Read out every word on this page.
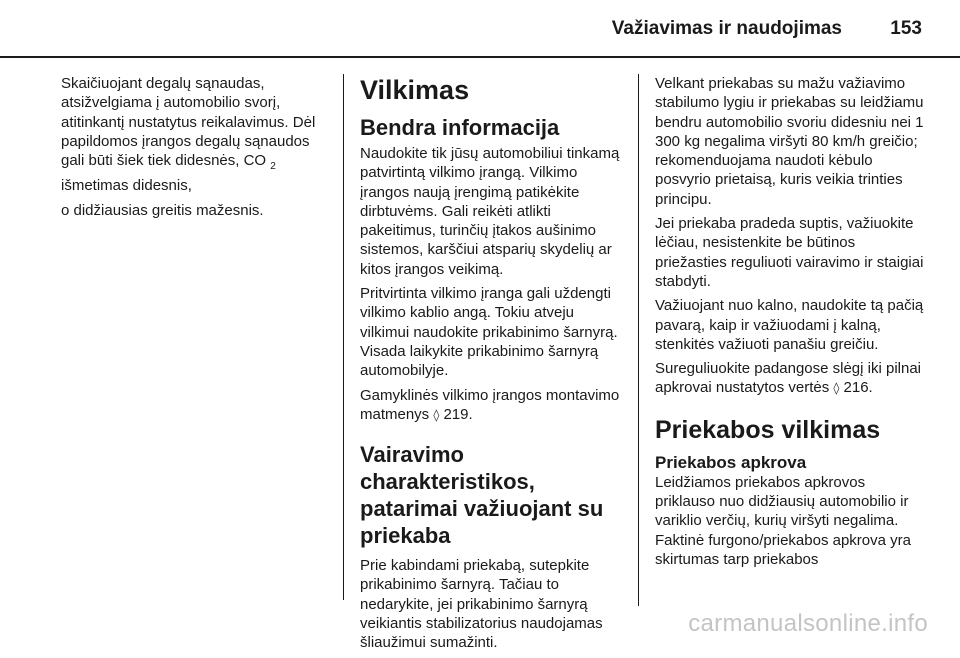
Važiavimas ir naudojimas	153

Skaičiuojant degalų sąnaudas, atsižvelgiama į automobilio svorį, atitinkantį nustatytus reikalavimus. Dėl papildomos įrangos degalų sąnaudos gali būti šiek tiek didesnės, CO $_2$ išmetimas didesnis,

o didžiausias greitis mažesnis.

Vilkimas
Bendra informacija

Naudokite tik jūsų automobiliui tinkamą patvirtintą vilkimo įrangą. Vilkimo įrangos naują įrengimą patikėkite dirbtuvėms. Gali reikėti atlikti pakeitimus, turinčių įtakos aušinimo sistemos, karščiui atsparių skydelių ar kitos įrangos veikimą.

Pritvirtinta vilkimo įranga gali uždengti vilkimo kablio angą. Tokiu atveju vilkimui naudokite prikabinimo šarnyrą. Visada laikykite prikabinimo šarnyrą automobilyje.

Gamyklinės vilkimo įrangos montavimo matmenys ◊ 219.

Vairavimo charakteristikos, patarimai važiuojant su priekaba

Prie kabindami priekabą, sutepkite prikabinimo šarnyrą. Tačiau to nedarykite, jei prikabinimo šarnyrą veikiantis stabilizatorius naudojamas šliaužimui sumažinti.

Velkant priekabas su mažu važiavimo stabilumo lygiu ir priekabas su leidžiamu bendru automobilio svoriu didesniu nei 1 300 kg negalima viršyti 80 km/h greičio; rekomenduojama naudoti kėbulo posvyrio prietaisą, kuris veikia trinties principu.

Jei priekaba pradeda suptis, važiuokite lėčiau, nesistenkite be būtinos priežasties reguliuoti vairavimo ir staigiai stabdyti.

Važiuojant nuo kalno, naudokite tą pačią pavarą, kaip ir važiuodami į kalną, stenkitės važiuoti panašiu greičiu.

Sureguliuokite padangose slėgį iki pilnai apkrovai nustatytos vertės ◊ 216.

Priekabos vilkimas
Priekabos apkrova

Leidžiamos priekabos apkrovos priklauso nuo didžiausių automobilio ir variklio verčių, kurių viršyti negalima. Faktinė furgono/priekabos apkrova yra skirtumas tarp priekabos

carmanualsonline.info
